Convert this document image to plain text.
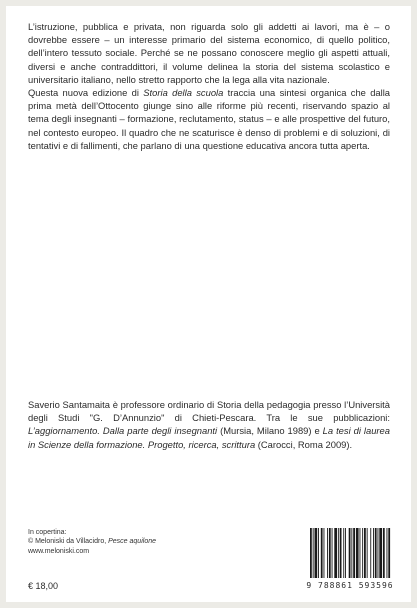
L’istruzione, pubblica e privata, non riguarda solo gli addetti ai lavori, ma è – o dovrebbe essere – un interesse primario del sistema economico, di quello politico, dell’intero tessuto sociale. Perché se ne possano conoscere meglio gli aspetti attuali, diversi e anche contraddittori, il volume delinea la storia del sistema scolastico e universitario italiano, nello stretto rapporto che la lega alla vita nazionale.

Questa nuova edizione di Storia della scuola traccia una sintesi organica che dalla prima metà dell’Ottocento giunge sino alle riforme più recenti, riservando spazio al tema degli insegnanti – formazione, reclutamento, status – e alle prospettive del futuro, nel contesto europeo. Il quadro che ne scaturisce è denso di problemi e di soluzioni, di tentativi e di fallimenti, che parlano di una questione educativa ancora tutta aperta.

9788861593596

Saverio Santamaita è professore ordinario di Storia della pedagogia presso l’Università degli Studi "G. D’Annunzio" di Chieti-Pescara. Tra le sue pubblicazioni: L’aggiornamento. Dalla parte degli insegnanti (Mursia, Milano 1989) e La tesi di laurea in Scienze della formazione. Progetto, ricerca, scrittura (Carocci, Roma 2009).

In copertina:
© Meloniski da Villacidro, Pesce aquilone
www.meloniski.com
€ 18,00	9 788861 593596
